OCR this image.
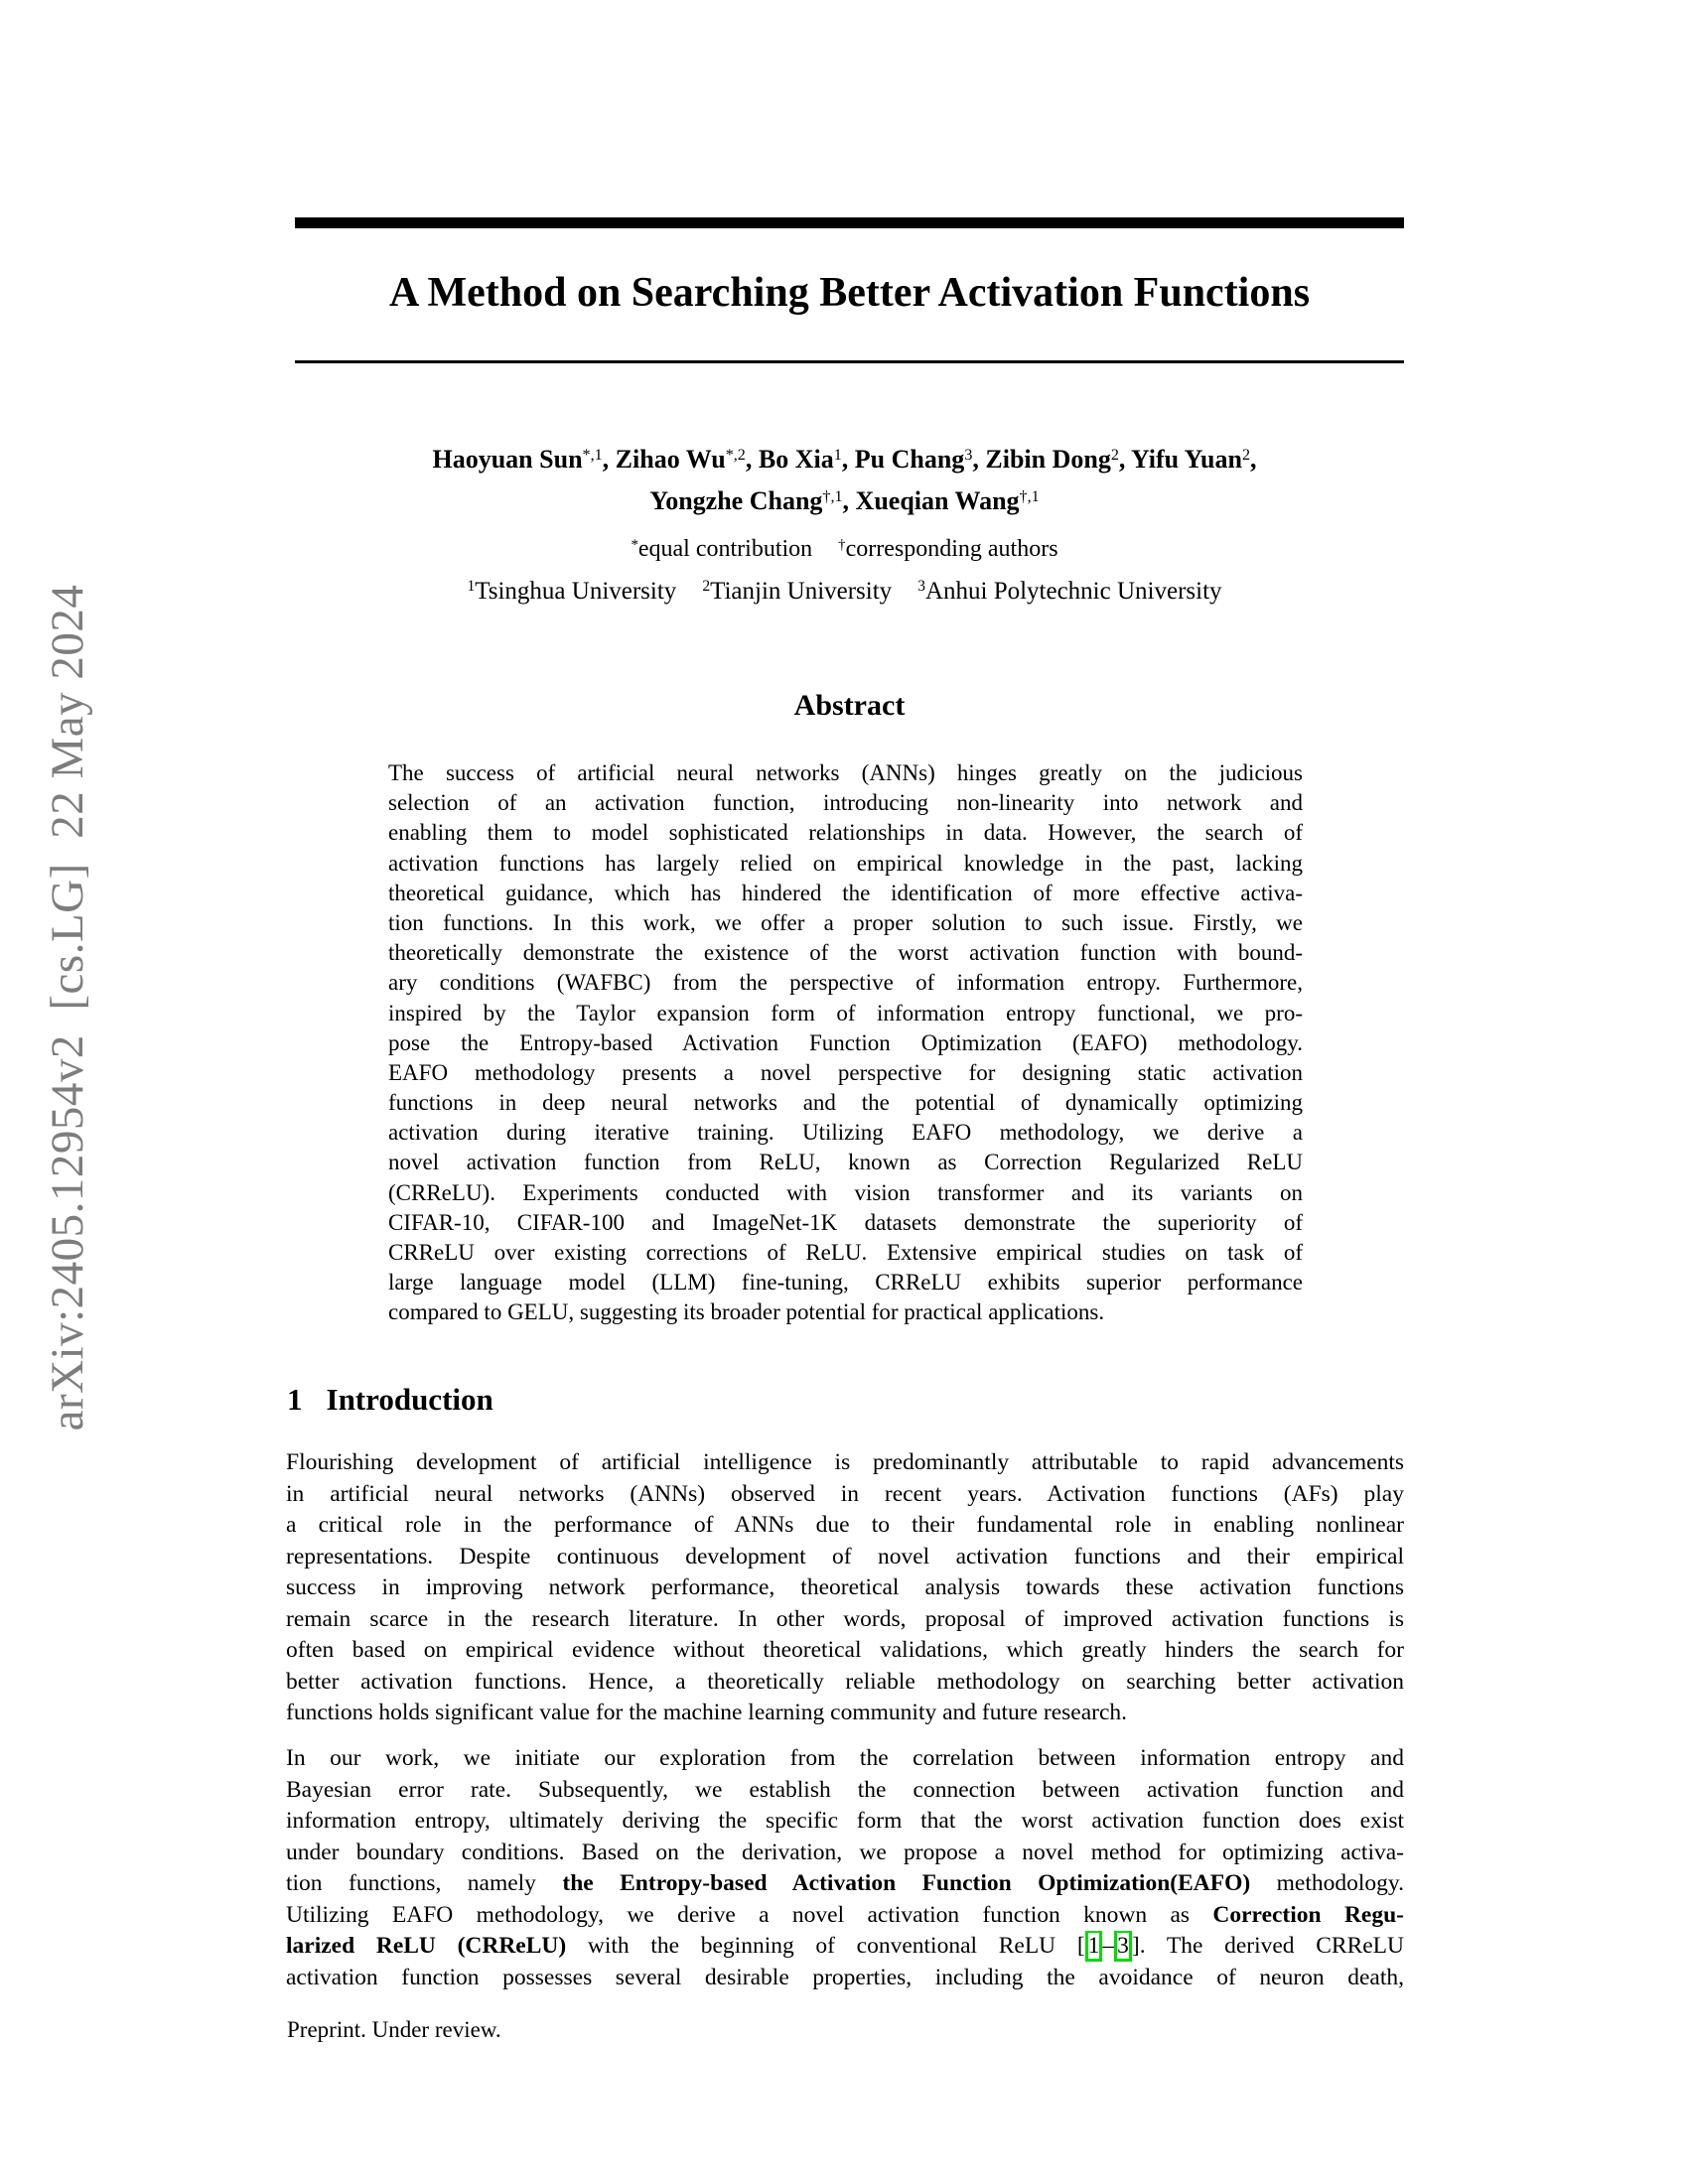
arXiv:2405.12954v2  [cs.LG]  22 May 2024
A Method on Searching Better Activation Functions
Haoyuan Sun$^{*,1}$, Zihao $Wu^{*,2}$, Bo Xia$^1$, Pu Chang$^3$, Zibin Dong$^2$, Yifu Yuan$^2$,
Yongzhe Chang$^{\dagger,1}$, Xueqian Wang$^{\dagger,1}$
*equal contribution †corresponding authors
$^1$Tsinghua University $^2$Tianjin University $^3$Anhui Polytechnic University
Abstract
The success of artificial neural networks (ANNs) hinges greatly on the judicious
selection of an activation function, introducing non-linearity into network and
enabling them to model sophisticated relationships in data. However, the search of
activation functions has largely relied on empirical knowledge in the past, lacking
theoretical guidance, which has hindered the identification of more effective activa-
tion functions. In this work, we offer a proper solution to such issue. Firstly, we
theoretically demonstrate the existence of the worst activation function with bound-
ary conditions (WAFBC) from the perspective of information entropy. Furthermore,
inspired by the Taylor expansion form of information entropy functional, we pro-
pose the Entropy-based Activation Function Optimization (EAFO) methodology.
EAFO methodology presents a novel perspective for designing static activation
functions in deep neural networks and the potential of dynamically optimizing
activation during iterative training. Utilizing EAFO methodology, we derive a
novel activation function from ReLU, known as Correction Regularized ReLU
(CRReLU). Experiments conducted with vision transformer and its variants on
CIFAR-10, CIFAR-100 and ImageNet-1K datasets demonstrate the superiority of
CRReLU over existing corrections of ReLU. Extensive empirical studies on task of
large language model (LLM) fine-tuning, CRReLU exhibits superior performance
compared to GELU, suggesting its broader potential for practical applications.
1 Introduction
Flourishing development of artificial intelligence is predominantly attributable to rapid advancements
in artificial neural networks (ANNs) observed in recent years. Activation functions (AFs) play
a critical role in the performance of ANNs due to their fundamental role in enabling nonlinear
representations. Despite continuous development of novel activation functions and their empirical
success in improving network performance, theoretical analysis towards these activation functions
remain scarce in the research literature. In other words, proposal of improved activation functions is
often based on empirical evidence without theoretical validations, which greatly hinders the search for
better activation functions. Hence, a theoretically reliable methodology on searching better activation
functions holds significant value for the machine learning community and future research.
In our work, we initiate our exploration from the correlation between information entropy and
Bayesian error rate. Subsequently, we establish the connection between activation function and
information entropy, ultimately deriving the specific form that the worst activation function does exist
under boundary conditions. Based on the derivation, we propose a novel method for optimizing activa-
tion functions, namely the Entropy-based Activation Function Optimization(EAFO) methodology.
Utilizing EAFO methodology, we derive a novel activation function known as Correction Regu-
larized ReLU (CRReLU) with the beginning of conventional ReLU [ 1 – 3 ]. The derived CRReLU
activation function possesses several desirable properties, including the avoidance of neuron death,
Preprint. Under review.
